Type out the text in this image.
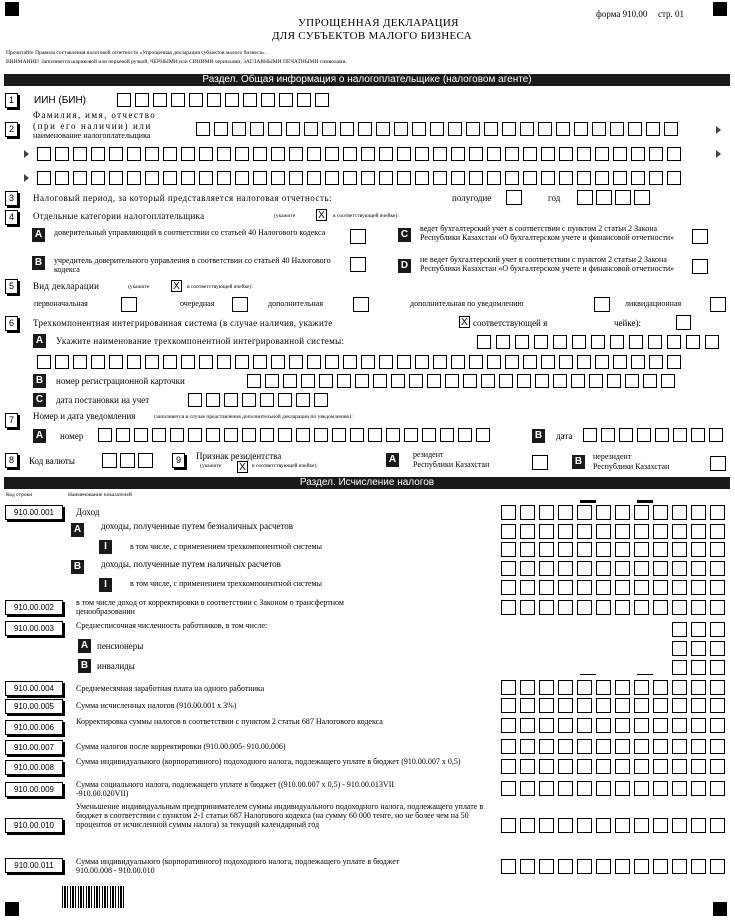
форма 910.00 стр. 01
УПРОЩЕННАЯ ДЕКЛАРАЦИЯ
ДЛЯ СУБЪЕКТОВ МАЛОГО БИЗНЕСА
Прочитайте Правила составления налоговой отчетности «Упрощенная декларация субъектов малого бизнеса» .
ВНИМАНИЕ! Заполняется шариковой или перьевой ручкой, ЧЕРНЫМИ или СИНИМИ чернилами, ЗАГЛАВНЫМИ ПЕЧАТНЫМИ символами.
Раздел. Общая информация о налогоплательщике (налоговом агенте)
1	ИИН (БИН)
2
Фамилия, имя, отчество
(при его наличии) или
наименование налогоплательщика
3	Налоговый период, за который представляется налоговая отчетность:	полугодие	год
4	Отдельные категории налогоплательщика	(укажите X	в соответствующей ячейке):
A	доверительный управляющий в соответствии со статьей 40 Налогового кодекса
B	учредитель доверительного управления в соответствии со статьей 40 Налогового кодекса
C
ведет бухгалтерский учет в соответствии с пунктом 2 статьи 2 Закона Республики Казахстан «О бухгалтерском учете и финансовой отчетности»
D
не ведет бухгалтерский учет в соответствии с пунктом 2 статьи 2 Закона Республики Казахстан «О бухгалтерском учете и финансовой отчетности»
5	Вид декларации	(укажите X	в соответствующей ячейке):
первоначальная	очередная	дополнительная	дополнительная по уведомлению	ликвидационная
6	Трехкомпонентная интегрированная система (в случае наличия, укажите	X соответствующей я	чейке):
A	Укажите наименование трехкомпонентной интегрированной системы:
B	номер регистрационной карточки
C	дата постановки на учет
7	Номер и дата уведомления	(заполняется в случае представления дополнительной декларации по уведомлению):
A	номер	B	дата
8	Код валюты	9	Признак резидентства
(укажите X	в соответствующей ячейке):
A	резидент
Республики Казахстан	B	нерезидент
Республики Казахстан
Раздел. Исчисление налогов
Код строки	Наименование показателей
910.00.001	Доход
A	доходы, полученные путем безналичных расчетов
I	в том числе, с применением трехкомпонентной системы
B	доходы, полученные путем наличных расчетов
I	в том числе, с применением трехкомпонентной системы
910.00.002
в том числе доход от корректировки в соответствии с Законом о трансфертном ценообразовании
910.00.003	Среднесписочная численность работников, в том числе:
A пенсионеры
B инвалиды
910.00.004	Среднемесячная заработная плата на одного работника
910.00.005	Сумма исчисленных налогов (910.00.001 х 3%)
910.00.006
Корректировка суммы налогов в соответствии с пунктом 2 статьи 687 Налогового кодекса
910.00.007	Сумма налогов после корректировки (910.00.005- 910.00.006)
910.00.008
Сумма индивидуального (корпоративного) подоходного налога, подлежащего уплате в бюджет (910.00.007 х 0,5)
910.00.009
Сумма социального налога, подлежащего уплате в бюджет ((910.00.007 х 0,5) - 910.00.013VII -910.00.020VII)
910.00.010
Уменьшение индивидуальным предпринимателем суммы индивидуального подоходного налога, подлежащего уплате в бюджет в соответствии с пунктом 2-1 статьи 687 Налогового кодекса (на сумму 60 000 тенге, но не более чем на 50 процентов от исчисленной суммы налога) за текущий календарный год
910.00.011	Сумма индивидуального (корпоративного) подоходного налога, подлежащего уплате в бюджет 910.00.008 - 910.00.010
